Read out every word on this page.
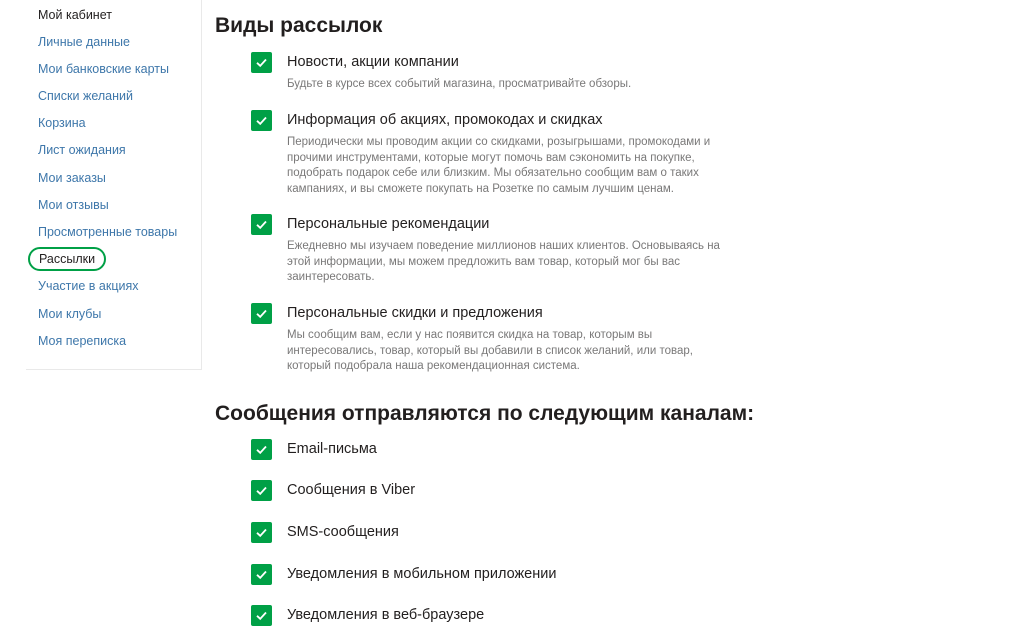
Мой кабинет
Личные данные
Мои банковские карты
Списки желаний
Корзина
Лист ожидания
Мои заказы
Мои отзывы
Просмотренные товары
Рассылки
Участие в акциях
Мои клубы
Моя переписка
Виды рассылок
Новости, акции компании
Будьте в курсе всех событий магазина, просматривайте обзоры.
Информация об акциях, промокодах и скидках
Периодически мы проводим акции со скидками, розыгрышами, промокодами и прочими инструментами, которые могут помочь вам сэкономить на покупке, подобрать подарок себе или близким. Мы обязательно сообщим вам о таких кампаниях, и вы сможете покупать на Розетке по самым лучшим ценам.
Персональные рекомендации
Ежедневно мы изучаем поведение миллионов наших клиентов. Основываясь на этой информации, мы можем предложить вам товар, который мог бы вас заинтересовать.
Персональные скидки и предложения
Мы сообщим вам, если у нас появится скидка на товар, которым вы интересовались, товар, который вы добавили в список желаний, или товар, который подобрала наша рекомендационная система.
Сообщения отправляются по следующим каналам:
Email-письма
Сообщения в Viber
SMS-сообщения
Уведомления в мобильном приложении
Уведомления в веб-браузере
